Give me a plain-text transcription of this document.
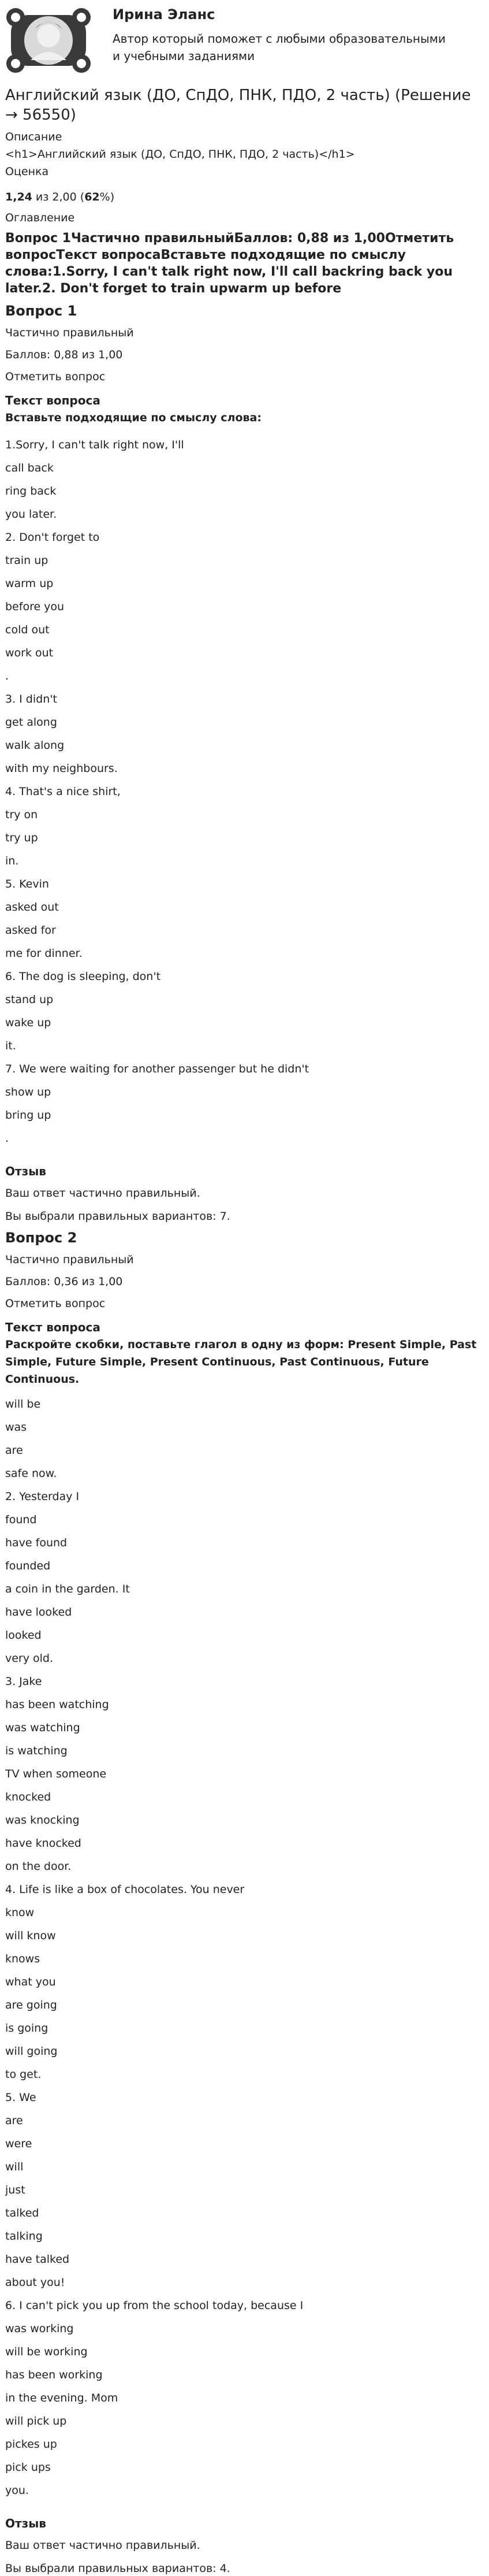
Ирина Эланс
Автор который поможет с любыми образовательными и учебными заданиями
Английский язык (ДО, СпДО, ПНК, ПДО, 2 часть) (Решение → 56550)
Описание
<h1>Английский язык (ДО, СпДО, ПНК, ПДО, 2 часть)</h1>
Оценка
1,24 из 2,00 (62%)
Оглавление
Вопрос 1Частично правильныйБаллов: 0,88 из 1,00Отметить вопросТекст вопросаВставьте подходящие по смыслу слова:1.Sorry, I can't talk right now, I'll call backring back you later.2. Don't forget to train upwarm up before
Вопрос 1
Частично правильный
Баллов: 0,88 из 1,00
Отметить вопрос
Текст вопроса
Вставьте подходящие по смыслу слова:
1.Sorry, I can't talk right now, I'll
call back
ring back
you later.
2. Don't forget to
train up
warm up
before you
cold out
work out
.
3. I didn't
get along
walk along
with my neighbours.
4. That's a nice shirt,
try on
try up
in.
5. Kevin
asked out
asked for
me for dinner.
6. The dog is sleeping, don't
stand up
wake up
it.
7. We were waiting for another passenger but he didn't
show up
bring up
.
Отзыв
Ваш ответ частично правильный.
Вы выбрали правильных вариантов: 7.
Вопрос 2
Частично правильный
Баллов: 0,36 из 1,00
Отметить вопрос
Текст вопроса
Раскройте скобки, поставьте глагол в одну из форм: Present Simple, Past Simple, Future Simple, Present Continuous, Past Continuous, Future Continuous.
will be
was
are
safe now.
2. Yesterday I
found
have found
founded
a coin in the garden. It
have looked
looked
very old.
3. Jake
has been watching
was watching
is watching
TV when someone
knocked
was knocking
have knocked
on the door.
4. Life is like a box of chocolates. You never
know
will know
knows
what you
are going
is going
will going
to get.
5. We
are
were
will
just
talked
talking
have talked
about you!
6. I can't pick you up from the school today, because I
was working
will be working
has been working
in the evening. Mom
will pick up
pickes up
pick ups
you.
Отзыв
Ваш ответ частично правильный.
Вы выбрали правильных вариантов: 4.
